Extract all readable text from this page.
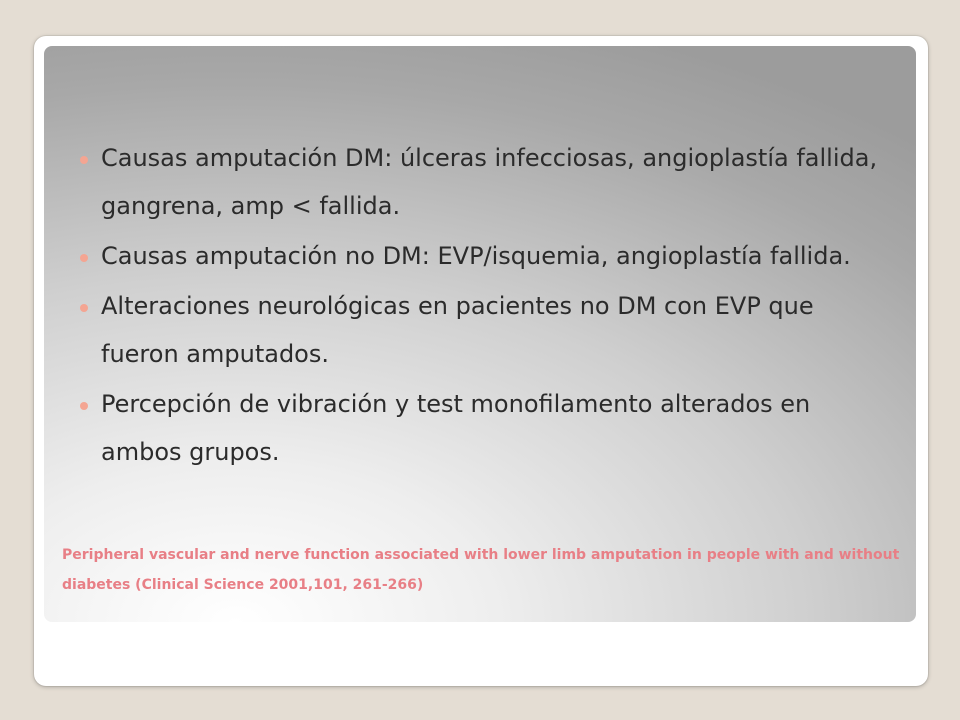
Causas amputación DM: úlceras infecciosas, angioplastía fallida, gangrena, amp < fallida.
Causas amputación no DM: EVP/isquemia, angioplastía fallida.
Alteraciones neurológicas en pacientes no DM con EVP que fueron amputados.
Percepción de vibración y test monofilamento alterados en ambos grupos.

Peripheral vascular and nerve function associated with lower limb amputation in people with and without diabetes (Clinical Science 2001,101, 261-266)
